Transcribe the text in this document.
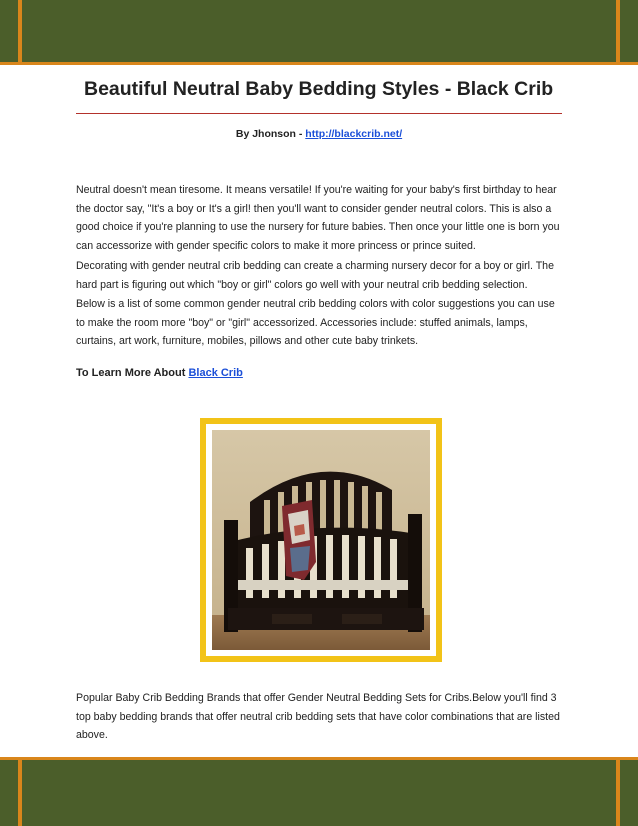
Beautiful Neutral Baby Bedding Styles - Black Crib
By Jhonson - http://blackcrib.net/
Neutral doesn't mean tiresome. It means versatile! If you're waiting for your baby's first birthday to hear the doctor say, "It's a boy or It's a girl! then you'll want to consider gender neutral colors. This is also a good choice if you're planning to use the nursery for future babies. Then once your little one is born you can accessorize with gender specific colors to make it more princess or prince suited.
Decorating with gender neutral crib bedding can create a charming nursery decor for a boy or girl. The hard part is figuring out which "boy or girl" colors go well with your neutral crib bedding selection.
Below is a list of some common gender neutral crib bedding colors with color suggestions you can use to make the room more "boy" or "girl" accessorized. Accessories include: stuffed animals, lamps, curtains, art work, furniture, mobiles, pillows and other cute baby trinkets.
To Learn More About Black Crib
Popular Baby Crib Bedding Brands that offer Gender Neutral Bedding Sets for Cribs.Below you'll find 3 top baby bedding brands that offer neutral crib bedding sets that have color combinations that are listed above.
